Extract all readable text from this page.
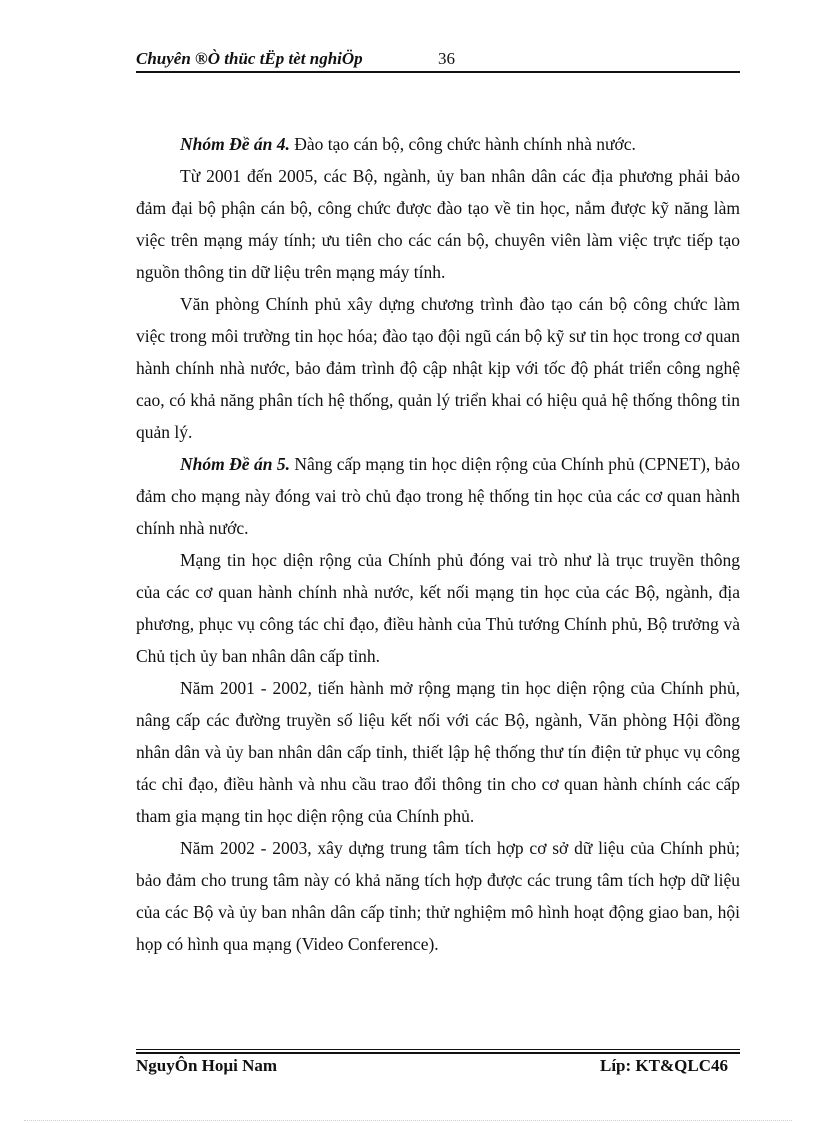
Chuyên ®Ò thüc tËp tèt nghiÖp	36

Nhóm Đề án 4. Đào tạo cán bộ, công chức hành chính nhà nước.

Từ 2001 đến 2005, các Bộ, ngành, ủy ban nhân dân các địa phương phải bảo đảm đại bộ phận cán bộ, công chức được đào tạo về tin học, nắm được kỹ năng làm việc trên mạng máy tính; ưu tiên cho các cán bộ, chuyên viên làm việc trực tiếp tạo nguồn thông tin dữ liệu trên mạng máy tính.

Văn phòng Chính phủ xây dựng chương trình đào tạo cán bộ công chức làm việc trong môi trường tin học hóa; đào tạo đội ngũ cán bộ kỹ sư tin học trong cơ quan hành chính nhà nước, bảo đảm trình độ cập nhật kịp với tốc độ phát triển công nghệ cao, có khả năng phân tích hệ thống, quản lý triển khai có hiệu quả hệ thống thông tin quản lý.

Nhóm Đề án 5. Nâng cấp mạng tin học diện rộng của Chính phủ (CPNET), bảo đảm cho mạng này đóng vai trò chủ đạo trong hệ thống tin học của các cơ quan hành chính nhà nước.

Mạng tin học diện rộng của Chính phủ đóng vai trò như là trục truyền thông của các cơ quan hành chính nhà nước, kết nối mạng tin học của các Bộ, ngành, địa phương, phục vụ công tác chỉ đạo, điều hành của Thủ tướng Chính phủ, Bộ trưởng và Chủ tịch ủy ban nhân dân cấp tỉnh.

Năm 2001 - 2002, tiến hành mở rộng mạng tin học diện rộng của Chính phủ, nâng cấp các đường truyền số liệu kết nối với các Bộ, ngành, Văn phòng Hội đồng nhân dân và ủy ban nhân dân cấp tỉnh, thiết lập hệ thống thư tín điện tử phục vụ công tác chỉ đạo, điều hành và nhu cầu trao đổi thông tin cho cơ quan hành chính các cấp tham gia mạng tin học diện rộng của Chính phủ.

Năm 2002 - 2003, xây dựng trung tâm tích hợp cơ sở dữ liệu của Chính phủ; bảo đảm cho trung tâm này có khả năng tích hợp được các trung tâm tích hợp dữ liệu của các Bộ và ủy ban nhân dân cấp tỉnh; thử nghiệm mô hình hoạt động giao ban, hội họp có hình qua mạng (Video Conference).

NguyÔn Hoµi Nam	Líp: KT&QLC46
